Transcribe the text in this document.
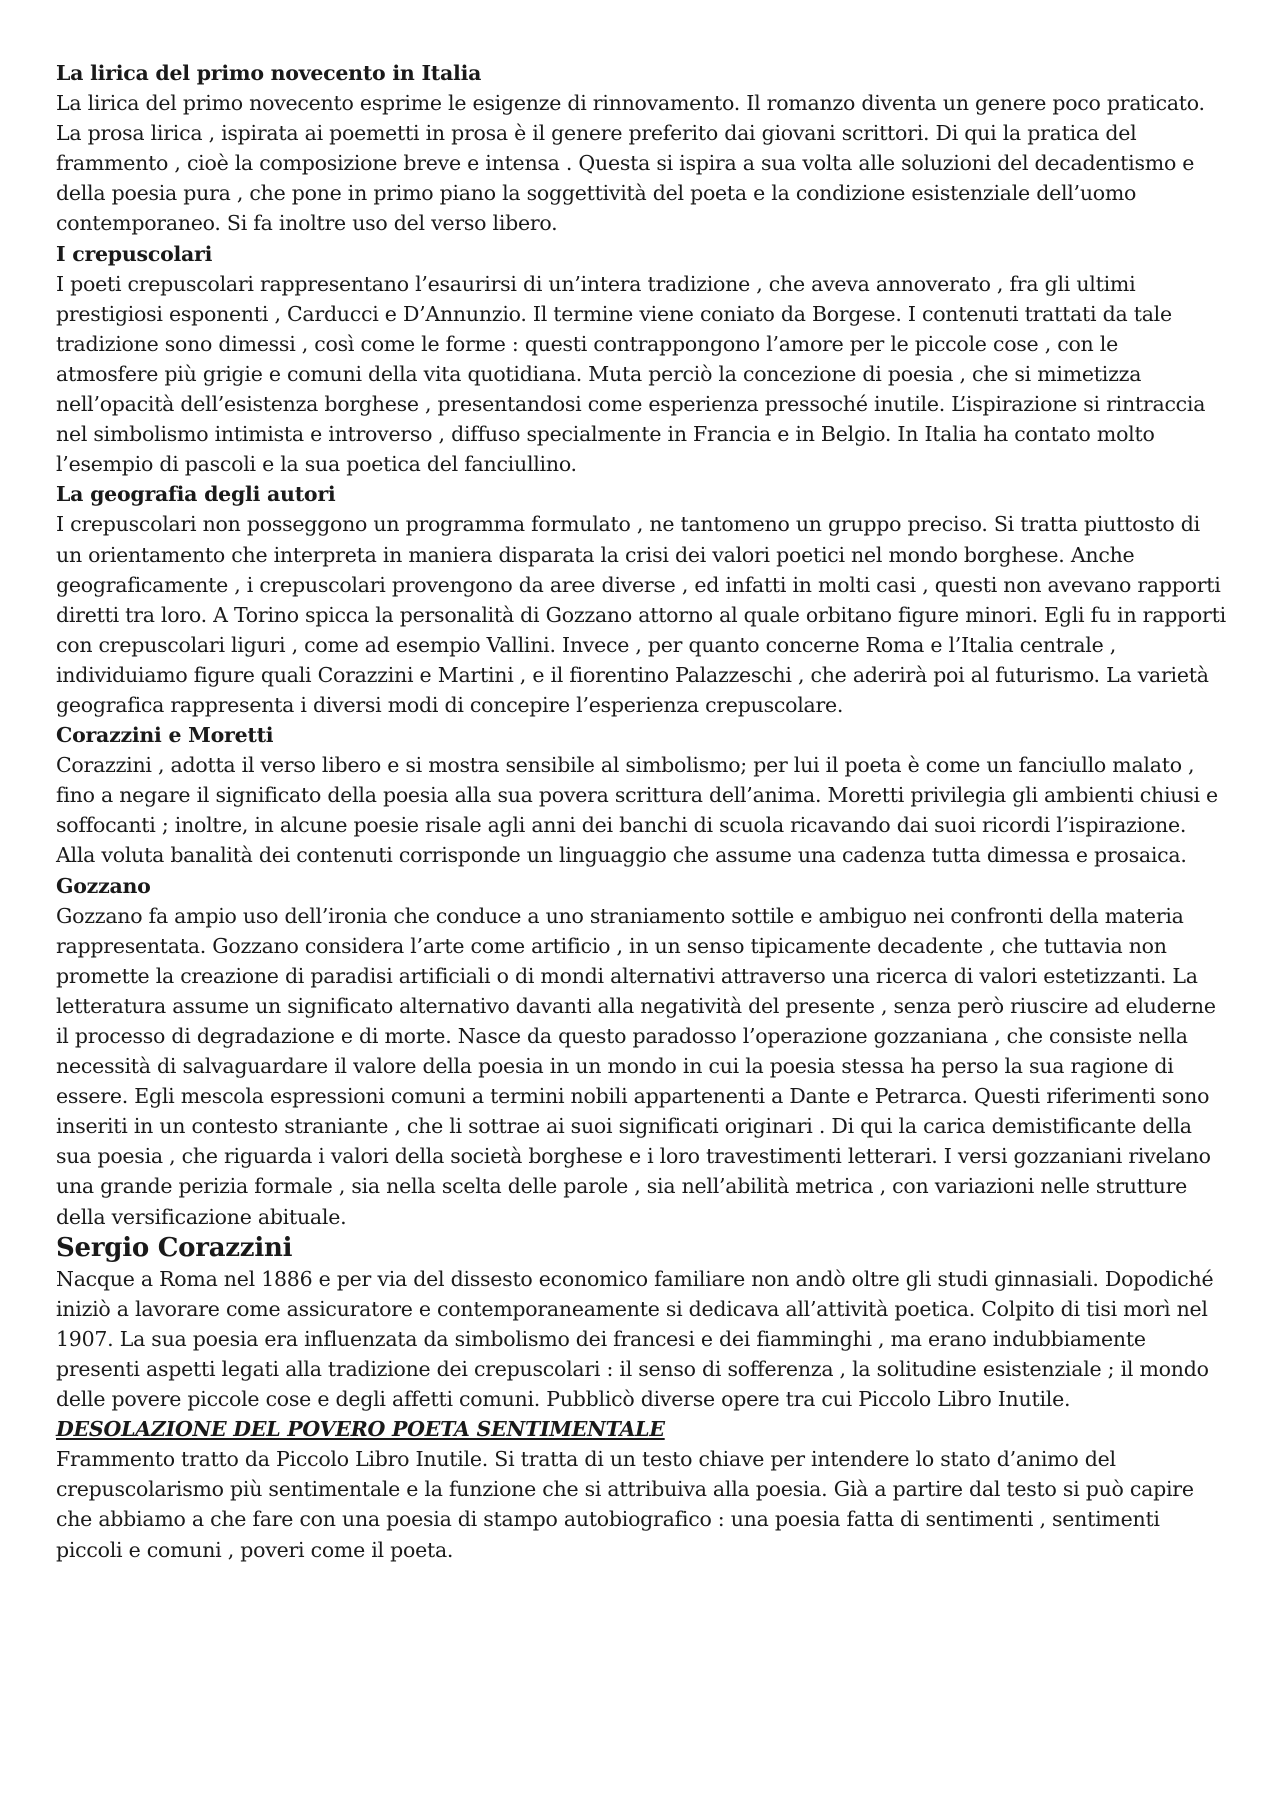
La lirica del primo novecento in Italia

La lirica del primo novecento esprime le esigenze di rinnovamento. Il romanzo diventa un genere poco praticato. La prosa lirica , ispirata ai poemetti in prosa è il genere preferito dai giovani scrittori. Di qui la pratica del frammento , cioè la composizione breve e intensa . Questa si ispira a sua volta alle soluzioni del decadentismo e della poesia pura , che pone in primo piano la soggettività del poeta e la condizione esistenziale dell’uomo contemporaneo. Si fa inoltre uso del verso libero.

I crepuscolari

I poeti crepuscolari rappresentano l’esaurirsi di un’intera tradizione , che aveva annoverato , fra gli ultimi prestigiosi esponenti , Carducci e D’Annunzio. Il termine viene coniato da Borgese. I contenuti trattati da tale tradizione sono dimessi , così come le forme : questi contrappongono l’amore per le piccole cose , con le atmosfere più grigie e comuni della vita quotidiana. Muta perciò la concezione di poesia , che si mimetizza nell’opacità dell’esistenza borghese , presentandosi come esperienza pressoché inutile. L’ispirazione si rintraccia nel simbolismo intimista e introverso , diffuso specialmente in Francia e in Belgio. In Italia ha contato molto l’esempio di pascoli e la sua poetica del fanciullino.

La geografia degli autori

I crepuscolari non posseggono un programma formulato , ne tantomeno un gruppo preciso. Si tratta piuttosto di un orientamento che interpreta in maniera disparata la crisi dei valori poetici nel mondo borghese. Anche geograficamente , i crepuscolari provengono da aree diverse , ed infatti in molti casi , questi non avevano rapporti diretti tra loro. A Torino spicca la personalità di Gozzano attorno al quale orbitano figure minori. Egli fu in rapporti con crepuscolari liguri , come ad esempio Vallini. Invece , per quanto concerne Roma e l’Italia centrale , individuiamo figure quali Corazzini e Martini , e il fiorentino Palazzeschi , che aderirà poi al futurismo. La varietà geografica rappresenta i diversi modi di concepire l’esperienza crepuscolare.

Corazzini e Moretti

Corazzini , adotta il verso libero e si mostra sensibile al simbolismo; per lui il poeta è come un fanciullo malato , fino a negare il significato della poesia alla sua povera scrittura dell’anima. Moretti privilegia gli ambienti chiusi e soffocanti ; inoltre, in alcune poesie risale agli anni dei banchi di scuola ricavando dai suoi ricordi l’ispirazione. Alla voluta banalità dei contenuti corrisponde un linguaggio che assume una cadenza tutta dimessa e prosaica.

Gozzano

Gozzano fa ampio uso dell’ironia che conduce a uno straniamento sottile e ambiguo nei confronti della materia rappresentata. Gozzano considera l’arte come artificio , in un senso tipicamente decadente , che tuttavia non promette la creazione di paradisi artificiali o di mondi alternativi attraverso una ricerca di valori estetizzanti. La letteratura assume un significato alternativo davanti alla negatività del presente , senza però riuscire ad eluderne il processo di degradazione e di morte. Nasce da questo paradosso l’operazione gozzaniana , che consiste nella necessità di salvaguardare il valore della poesia in un mondo in cui la poesia stessa ha perso la sua ragione di essere. Egli mescola espressioni comuni a termini nobili appartenenti a Dante e Petrarca. Questi riferimenti sono inseriti in un contesto straniante , che li sottrae ai suoi significati originari . Di qui la carica demistificante della sua poesia , che riguarda i valori della società borghese e i loro travestimenti letterari. I versi gozzaniani rivelano una grande perizia formale , sia nella scelta delle parole , sia nell’abilità metrica , con variazioni nelle strutture della versificazione abituale.

Sergio Corazzini

Nacque a Roma nel 1886 e per via del dissesto economico familiare non andò oltre gli studi ginnasiali. Dopodiché iniziò a lavorare come assicuratore e contemporaneamente si dedicava all’attività poetica. Colpito di tisi morì nel 1907. La sua poesia era influenzata da simbolismo dei francesi e dei fiamminghi , ma erano indubbiamente presenti aspetti legati alla tradizione dei crepuscolari : il senso di sofferenza , la solitudine esistenziale ; il mondo delle povere piccole cose e degli affetti comuni. Pubblicò diverse opere tra cui Piccolo Libro Inutile.

DESOLAZIONE DEL POVERO POETA SENTIMENTALE

Frammento tratto da Piccolo Libro Inutile. Si tratta di un testo chiave per intendere lo stato d’animo del crepuscolarismo più sentimentale e la funzione che si attribuiva alla poesia. Già a partire dal testo si può capire che abbiamo a che fare con una poesia di stampo autobiografico : una poesia fatta di sentimenti , sentimenti piccoli e comuni , poveri come il poeta.
